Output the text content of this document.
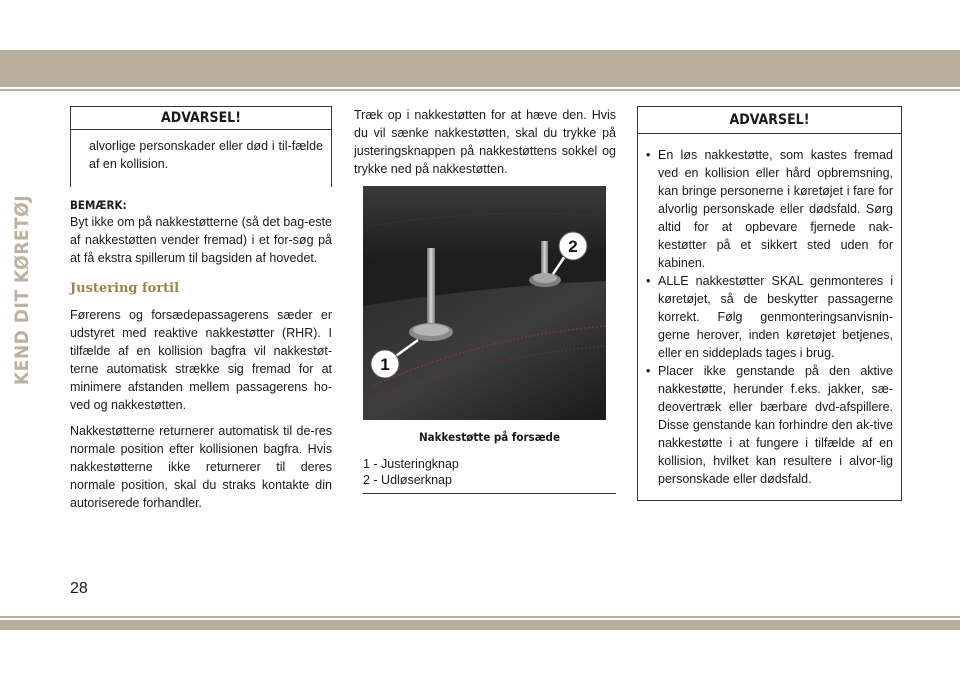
KEND DIT KØRETØJ
ADVARSEL!

alvorlige personskader eller død i til-fælde af en kollision.

BEMÆRK:

Byt ikke om på nakkestøtterne (så det bag-este af nakkestøtten vender fremad) i et for-søg på at få ekstra spillerum til bagsiden af hovedet.

Justering fortil

Førerens og forsædepassagerens sæder er udstyret med reaktive nakkestøtter (RHR). I tilfælde af en kollision bagfra vil nakkestøt-terne automatisk strække sig fremad for at minimere afstanden mellem passagerens ho-ved og nakkestøtten.

Nakkestøtterne returnerer automatisk til de-res normale position efter kollisionen bagfra. Hvis nakkestøtterne ikke returnerer til deres normale position, skal du straks kontakte din autoriserede forhandler.

Træk op i nakkestøtten for at hæve den. Hvis du vil sænke nakkestøtten, skal du trykke på justeringsknappen på nakkestøttens sokkel og trykke ned på nakkestøtten.

1
2
Nakkestøtte på forsæde
1 - Justeringknap
2 - Udløserknap
ADVARSEL!
• En løs nakkestøtte, som kastes fremad ved en kollision eller hård opbremsning, kan bringe personerne i køretøjet i fare for alvorlig personskade eller dødsfald. Sørg altid for at opbevare fjernede nak-kestøtter på et sikkert sted uden for kabinen.
• ALLE nakkestøtter SKAL genmonteres i køretøjet, så de beskytter passagerne korrekt. Følg genmonteringsanvisnin-gerne herover, inden køretøjet betjenes, eller en siddeplads tages i brug.
• Placer ikke genstande på den aktive nakkestøtte, herunder f.eks. jakker, sæ-deovertræk eller bærbare dvd-afspillere. Disse genstande kan forhindre den ak-tive nakkestøtte i at fungere i tilfælde af en kollision, hvilket kan resultere i alvor-lig personskade eller dødsfald.
28
